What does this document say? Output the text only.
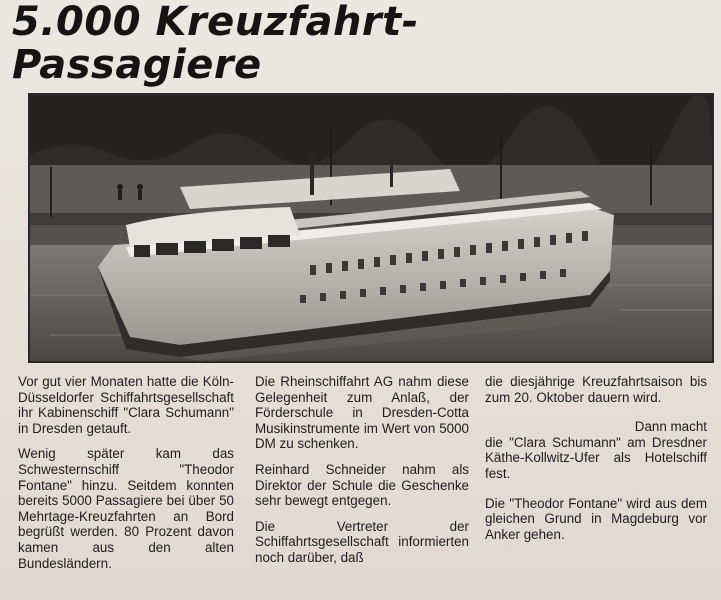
5.000 Kreuzfahrt-
Passagiere

Vor gut vier Monaten hatte die Köln-Düsseldorfer Schiffahrtsgesellschaft ihr Kabinenschiff "Clara Schumann" in Dresden getauft.

Wenig später kam das Schwesternschiff "Theodor Fontane" hinzu. Seitdem konnten bereits 5000 Passagiere bei über 50 Mehrtage-Kreuzfahrten an Bord begrüßt werden. 80 Prozent davon kamen aus den alten Bundesländern.

Die Rheinschiffahrt AG nahm diese Gelegenheit zum Anlaß, der Förderschule in Dresden-Cotta Musikinstrumente im Wert von 5000 DM zu schenken.

Reinhard Schneider nahm als Direktor der Schule die Geschenke sehr bewegt entgegen.

Die Vertreter der Schiffahrtsgesellschaft informierten noch darüber, daß

die diesjährige Kreuzfahrtsaison bis zum 20. Oktober dauern wird.

Dann macht

die "Clara Schumann" am Dresdner Käthe-Kollwitz-Ufer als Hotelschiff fest.

Die "Theodor Fontane" wird aus dem gleichen Grund in Magdeburg vor Anker gehen.
